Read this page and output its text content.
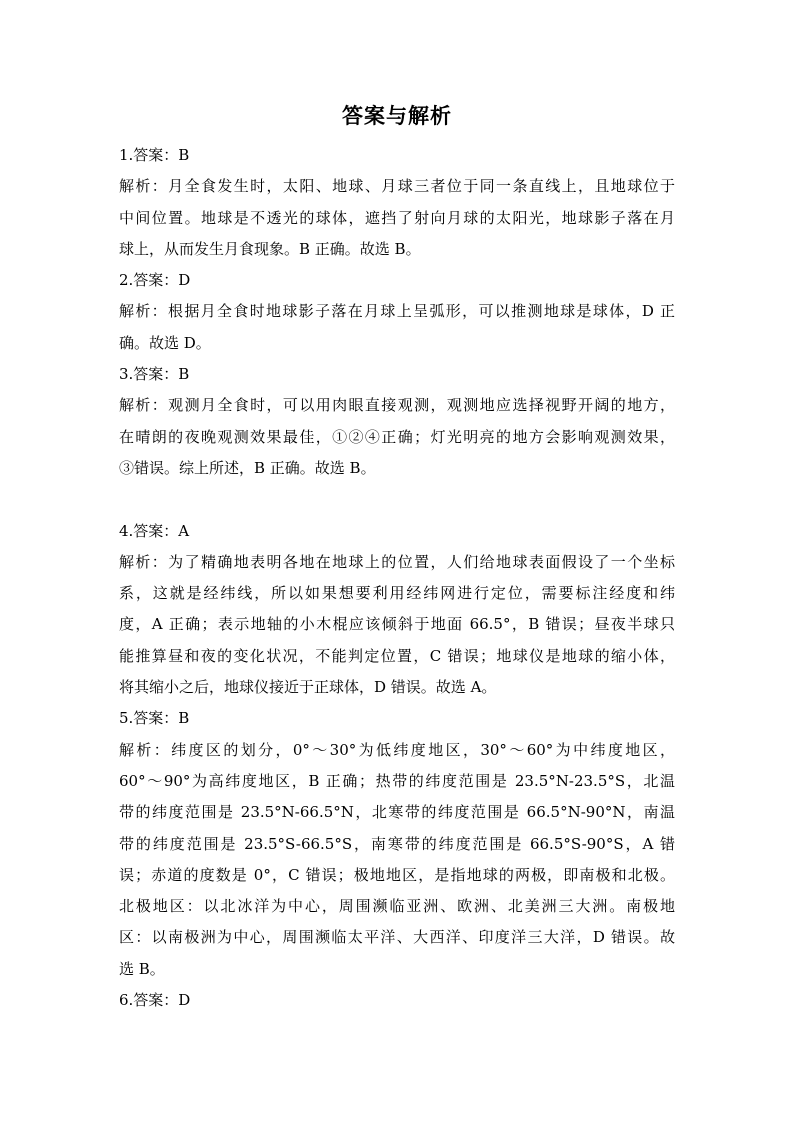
答案与解析
1.答案：B
解析：月全食发生时，太阳、地球、月球三者位于同一条直线上，且地球位于
中间位置。地球是不透光的球体，遮挡了射向月球的太阳光，地球影子落在月
球上，从而发生月食现象。B 正确。故选 B。
2.答案：D
解析：根据月全食时地球影子落在月球上呈弧形，可以推测地球是球体，D 正
确。故选 D。
3.答案：B
解析：观测月全食时，可以用肉眼直接观测，观测地应选择视野开阔的地方，
在晴朗的夜晚观测效果最佳，①②④正确；灯光明亮的地方会影响观测效果，
③错误。综上所述，B 正确。故选 B。
4.答案：A
解析：为了精确地表明各地在地球上的位置，人们给地球表面假设了一个坐标
系，这就是经纬线，所以如果想要利用经纬网进行定位，需要标注经度和纬
度，A 正确；表示地轴的小木棍应该倾斜于地面 66.5°，B 错误；昼夜半球只
能推算昼和夜的变化状况，不能判定位置，C 错误；地球仪是地球的缩小体，
将其缩小之后，地球仪接近于正球体，D 错误。故选 A。
5.答案：B
解析：纬度区的划分，0°～30°为低纬度地区，30°～60°为中纬度地区，
60°～90°为高纬度地区，B 正确；热带的纬度范围是 23.5°N-23.5°S，北温
带的纬度范围是 23.5°N-66.5°N，北寒带的纬度范围是 66.5°N-90°N，南温
带的纬度范围是 23.5°S-66.5°S，南寒带的纬度范围是 66.5°S-90°S，A 错
误；赤道的度数是 0°，C 错误；极地地区，是指地球的两极，即南极和北极。
北极地区：以北冰洋为中心，周围濒临亚洲、欧洲、北美洲三大洲。南极地
区：以南极洲为中心，周围濒临太平洋、大西洋、印度洋三大洋，D 错误。故
选 B。
6.答案：D
